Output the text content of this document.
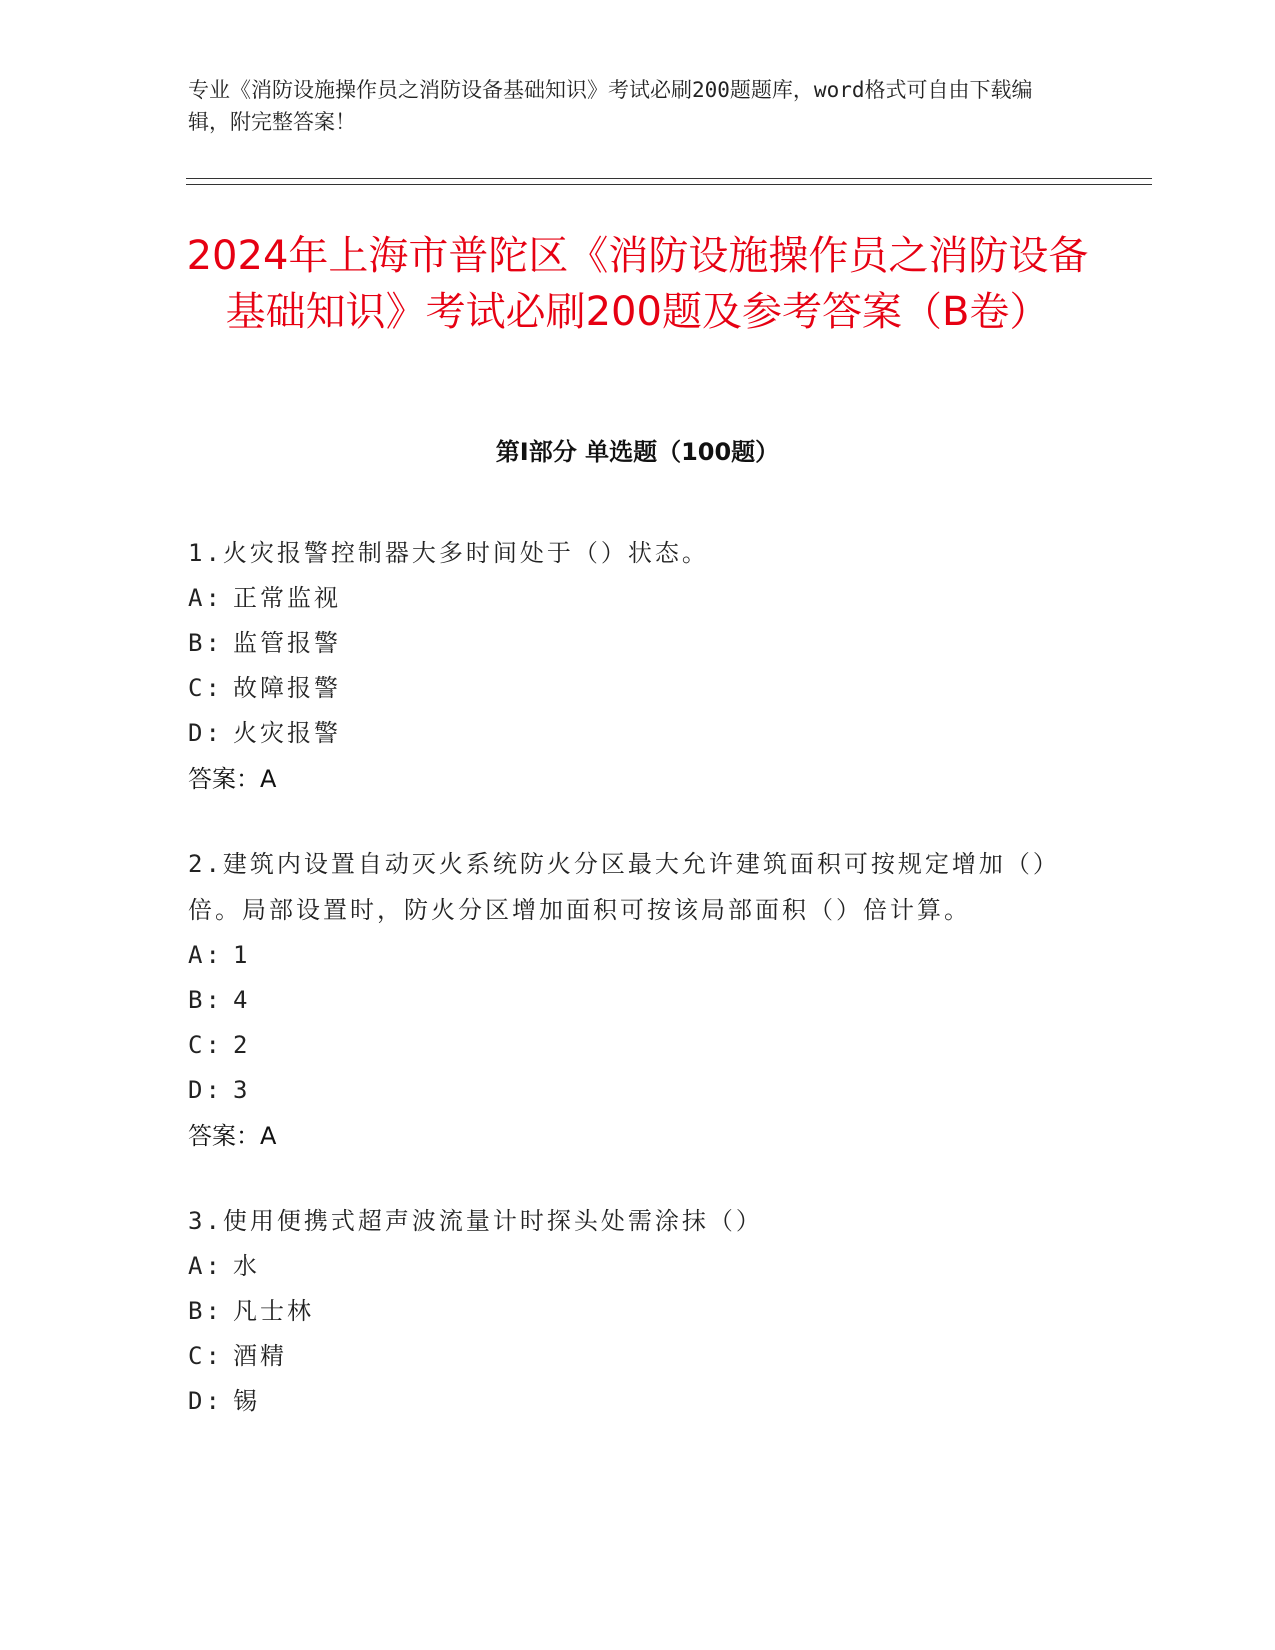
专业《消防设施操作员之消防设备基础知识》考试必刷200题题库，word格式可自由下载编辑，附完整答案！
2024年上海市普陀区《消防设施操作员之消防设备基础知识》考试必刷200题及参考答案（B卷）
第I部分 单选题（100题）
1.火灾报警控制器大多时间处于（）状态。
A: 正常监视
B: 监管报警
C: 故障报警
D: 火灾报警
答案：A
2.建筑内设置自动灭火系统防火分区最大允许建筑面积可按规定增加（）倍。局部设置时，防火分区增加面积可按该局部面积（）倍计算。
A: 1
B: 4
C: 2
D: 3
答案：A
3.使用便携式超声波流量计时探头处需涂抹（）
A: 水
B: 凡士林
C: 酒精
D: 锡
